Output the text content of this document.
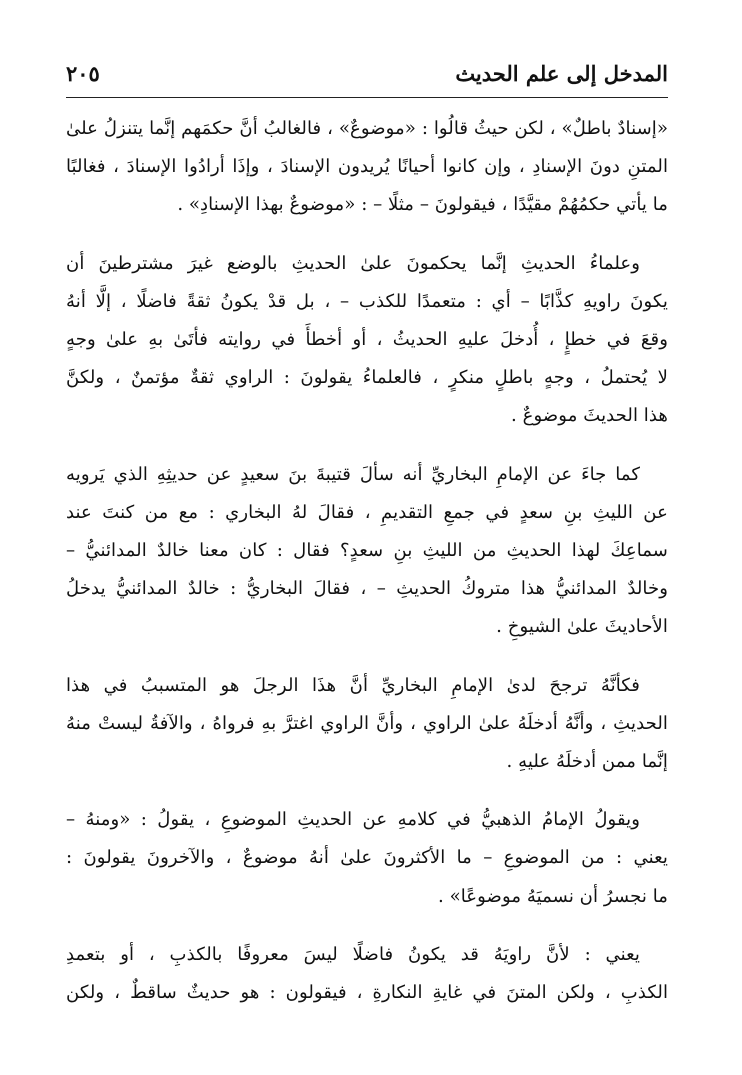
المدخل إلى علم الحديث
٢٠٥

«إسنادٌ باطلٌ» ، لكن حيثُ قالُوا : «موضوعٌ» ، فالغالبُ أنَّ حكمَهم إنَّما يتنزلُ علىٰ
المتنِ دونَ الإسنادِ ، وإن كانوا أحيانًا يُريدون الإسنادَ ، وإذَا أرادُوا الإسنادَ ، فغالبًا
ما يأتي حكمُهُمْ مقيَّدًا ، فيقولونَ – مثلًا – : «موضوعٌ بهذا الإسنادِ» .

وعلماءُ الحديثِ إنَّما يحكمونَ علىٰ الحديثِ بالوضع غيرَ مشترطينَ أن
يكونَ راويهِ كذَّابًا – أي : متعمدًا للكذب – ، بل قدْ يكونُ ثقةً فاضلًا ، إلَّا أنهُ
وقعَ في خطإٍ ، أُدخلَ عليهِ الحديثُ ، أو أخطأَ في روايته فأتَىٰ بهِ علىٰ وجهٍ
لا يُحتملُ ، وجهٍ باطلٍ منكرٍ ، فالعلماءُ يقولونَ : الراوي ثقةٌ مؤتمنٌ ، ولكنَّ
هذا الحديثَ موضوعٌ .

كما جاءَ عن الإمامِ البخاريِّ أنه سألَ قتيبةَ بنَ سعيدٍ عن حديثِهِ الذي يَرويه
عن الليثِ بنِ سعدٍ في جمعِ التقديمِ ، فقالَ لهُ البخاري : مع من كنتَ عند
سماعِكَ لهذا الحديثِ من الليثِ بنِ سعدٍ؟ فقال : كان معنا خالدٌ المدائنيُّ –
وخالدٌ المدائنيُّ هذا متروكُ الحديثِ – ، فقالَ البخاريُّ : خالدٌ المدائنيُّ يدخلُ
الأحاديثَ علىٰ الشيوخِ .

فكأنَّهُ ترجحَ لدىٰ الإمامِ البخاريِّ أنَّ هذَا الرجلَ هو المتسببُ في هذا
الحديثِ ، وأنَّهُ أدخلَهُ علىٰ الراوي ، وأنَّ الراوي اغترَّ بهِ فرواهُ ، والآفةُ ليستْ منهُ
إنَّما ممن أدخلَهُ عليهِ .

ويقولُ الإمامُ الذهبيُّ في كلامهِ عن الحديثِ الموضوعِ ، يقولُ : «ومنهُ –
يعني : من الموضوعِ – ما الأكثرونَ علىٰ أنهُ موضوعٌ ، والآخرونَ يقولونَ :
ما نجسرُ أن نسميَهُ موضوعًا» .

يعني : لأنَّ راويَهُ قد يكونُ فاضلًا ليسَ معروفًا بالكذبِ ، أو بتعمدِ
الكذبِ ، ولكن المتنَ في غايةِ النكارةِ ، فيقولون : هو حديثٌ ساقطٌ ، ولكن
